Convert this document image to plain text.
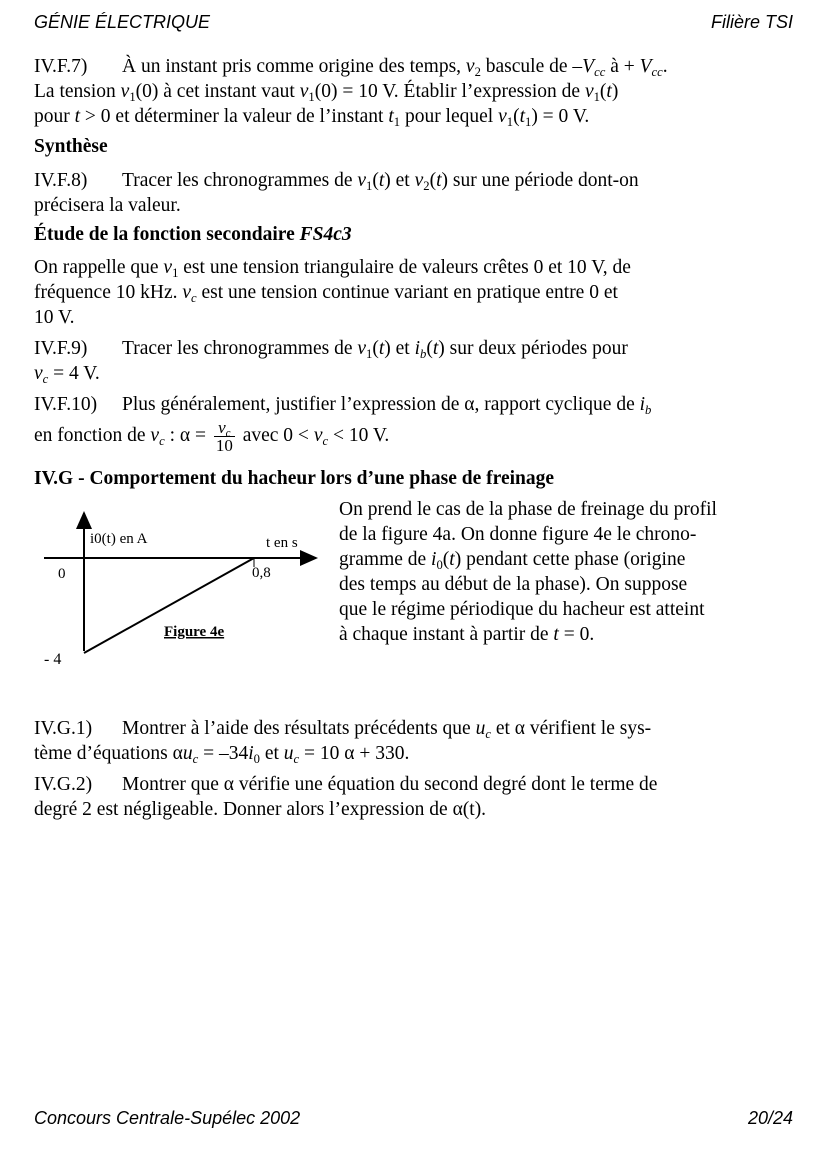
GÉNIE ÉLECTRIQUE	Filière TSI
IV.F.7) À un instant pris comme origine des temps, $v_2$ bascule de $-V_{cc}$ à + $V_{cc}$.
La tension $v_1(0)$ à cet instant vaut $v_1(0) = 10$ V. Établir l’expression de $v_1(t)$
pour t > 0 et déterminer la valeur de l’instant $t_1$ pour lequel $v_1(t_1) = 0$ V.
Synthèse
IV.F.8) Tracer les chronogrammes de $v_1(t)$ et $v_2(t)$ sur une période dont-on
précisera la valeur.
Étude de la fonction secondaire FS4c3
On rappelle que $v_1$ est une tension triangulaire de valeurs crêtes 0 et 10 V, de
fréquence 10 kHz. $v_c$ est une tension continue variant en pratique entre 0 et
10 V.
IV.F.9) Tracer les chronogrammes de $v_1(t)$ et $i_b(t)$ sur deux périodes pour
$v_c = 4$ V.
IV.F.10) Plus généralement, justifier l’expression de α, rapport cyclique de $i_b$
en fonction de $v_c$ : $\alpha = \frac{v_c}{10}$ avec $0 < v_c < 10$ V.
IV.G - Comportement du hacheur lors d’une phase de freinage
i0(t) en A	t en s
0	0,8
- 4
Figure 4e
On prend le cas de la phase de freinage du profil
de la figure 4a. On donne figure 4e le chrono-
gramme de $i_0(t)$ pendant cette phase (origine
des temps au début de la phase). On suppose
que le régime périodique du hacheur est atteint
à chaque instant à partir de t = 0.
IV.G.1) Montrer à l’aide des résultats précédents que $u_c$ et α vérifient le sys-
tème d’équations $\alpha u_c = -34i_0$ et $u_c = 10$ α + 330.
IV.G.2) Montrer que α vérifie une équation du second degré dont le terme de
degré 2 est négligeable. Donner alors l’expression de α(t).
Concours Centrale-Supélec 2002	20/24
